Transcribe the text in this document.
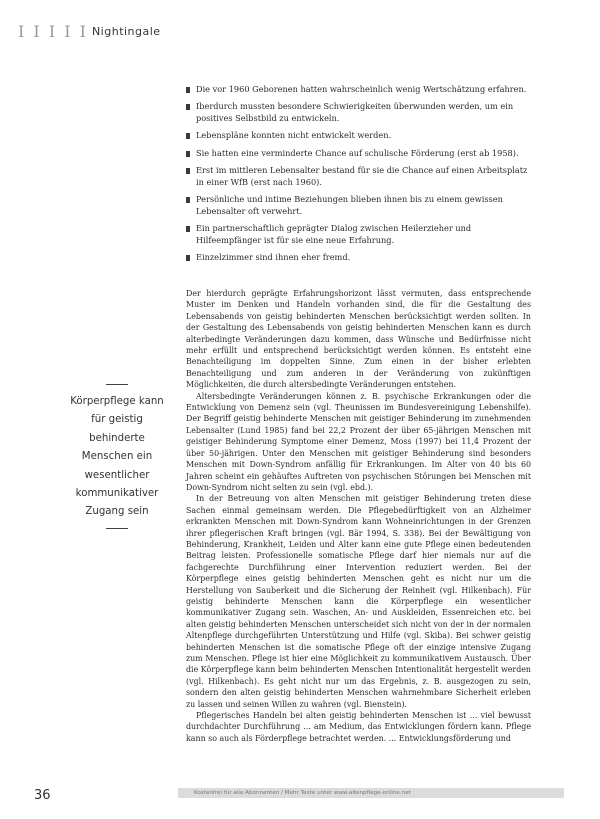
I I I I I Nightingale
Die vor 1960 Geborenen hatten wahrscheinlich wenig Wertschätzung erfahren.
Iberdurch mussten besondere Schwierigkeiten überwunden werden, um ein positives Selbstbild zu entwickeln.
Lebenspläne konnten nicht entwickelt werden.
Sie hatten eine verminderte Chance auf schulische Förderung (erst ab 1958).
Erst im mittleren Lebensalter bestand für sie die Chance auf einen Arbeitsplatz in einer WfB (erst nach 1960).
Persönliche und intime Beziehungen blieben ihnen bis zu einem gewissen Lebensalter oft verwehrt.
Ein partnerschaftlich geprägter Dialog zwischen Heilerzieher und Hilfeempfänger ist für sie eine neue Erfahrung.
Einzelzimmer sind ihnen eher fremd.
Körperpflege kann für geistig behinderte Menschen ein wesentlicher kommunikativer Zugang sein

Der hierdurch geprägte Erfahrungshorizont lässt vermuten, dass entsprechende Muster im Denken und Handeln vorhanden sind, die für die Gestaltung des Lebensabends von geistig behinderten Menschen berücksichtigt werden sollten. In der Gestaltung des Lebensabends von geistig behinderten Menschen kann es durch alterbedingte Veränderungen dazu kommen, dass Wünsche und Bedürfnisse nicht mehr erfüllt und entsprechend berücksichtigt werden können. Es entsteht eine Benachteiligung im doppelten Sinne. Zum einen in der bisher erlebten Benachteiligung und zum anderen in der Veränderung von zukünftigen Möglichkeiten, die durch altersbedingte Veränderungen entstehen.

Altersbedingte Veränderungen können z. B. psychische Erkrankungen oder die Entwicklung von Demenz sein (vgl. Theunissen im Bundesvereinigung Lebenshilfe). Der Begriff geistig behinderte Menschen mit geistiger Behinderung im zunehmenden Lebensalter (Lund 1985) fand bei 22,2 Prozent der über 65-jährigen Menschen mit geistiger Behinderung Symptome einer Demenz, Moss (1997) bei 11,4 Prozent der über 50-jährigen. Unter den Menschen mit geistiger Behinderung sind besonders Menschen mit Down-Syndrom anfällig für Erkrankungen. Im Alter von 40 bis 60 Jahren scheint ein gehäuftes Auftreten von psychischen Störungen bei Menschen mit Down-Syndrom nicht selten zu sein (vgl. ebd.).

In der Betreuung von alten Menschen mit geistiger Behinderung treten diese Sachen einmal gemeinsam werden. Die Pflegebedürftigkeit von an Alzheimer erkrankten Menschen mit Down-Syndrom kann Wohneinrichtungen in der Grenzen ihrer pflegerischen Kraft bringen (vgl. Bär 1994, S. 338). Bei der Bewältigung von Behinderung, Krankheit, Leiden und Alter kann eine gute Pflege einen bedeutenden Beitrag leisten. Professionelle somatische Pflege darf hier niemals nur auf die fachgerechte Durchführung einer Intervention reduziert werden. Bei der Körperpflege eines geistig behinderten Menschen geht es nicht nur um die Herstellung von Sauberkeit und die Sicherung der Reinheit (vgl. Hilkenbach). Für geistig behinderte Menschen kann die Körperpflege ein wesentlicher kommunikativer Zugang sein. Waschen, An- und Auskleiden, Essenreichen etc. bei alten geistig behinderten Menschen unterscheidet sich nicht von der in der normalen Altenpflege durchgeführten Unterstützung und Hilfe (vgl. Skiba). Bei schwer geistig behinderten Menschen ist die somatische Pflege oft der einzige intensive Zugang zum Menschen. Pflege ist hier eine Möglichkeit zu kommunikativem Austausch. Über die Körperpflege kann beim behinderten Menschen Intentionalität hergestellt werden (vgl. Hilkenbach). Es geht nicht nur um das Ergebnis, z. B. ausgezogen zu sein, sondern den alten geistig behinderten Menschen wahrnehmbare Sicherheit erleben zu lassen und seinen Willen zu wahren (vgl. Bienstein).

Pflegerisches Handeln bei alten geistig behinderten Menschen ist ... viel bewusst durchdachter Durchführung ... am Medium, das Entwicklungen fördern kann. Pflege kann so auch als Förderpflege betrachtet werden. ... Entwicklungsförderung und

36	Kostenfrei für alle Abonnenten / Mehr Texte unter www.altenpflege-online.net
